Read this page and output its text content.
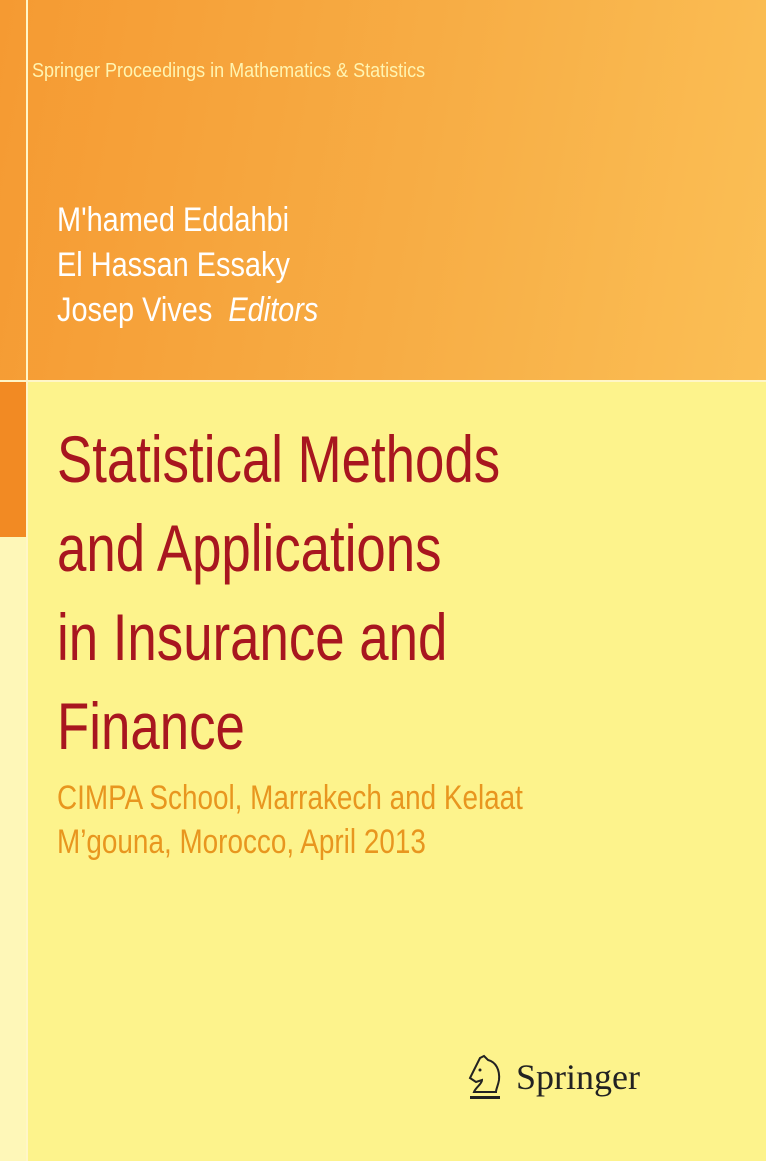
Springer Proceedings in Mathematics & Statistics
M'hamed Eddahbi
El Hassan Essaky
Josep Vives Editors
Statistical Methods
and Applications
in Insurance and
Finance
CIMPA School, Marrakech and Kelaat
M’gouna, Morocco, April 2013
Springer
